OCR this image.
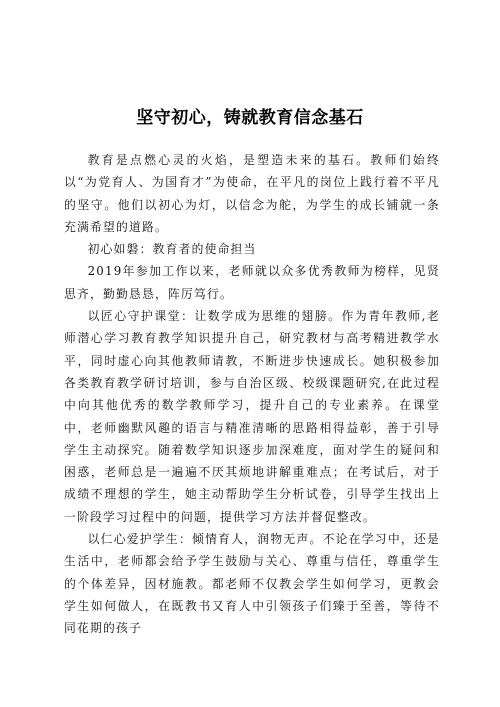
坚守初心，铸就教育信念基石

教育是点燃心灵的火焰，是塑造未来的基石。教师们始终以“为党育人、为国育才”为使命，在平凡的岗位上践行着不平凡的坚守。他们以初心为灯，以信念为舵，为学生的成长铺就一条充满希望的道路。

初心如磐：教育者的使命担当

2019年参加工作以来，老师就以众多优秀教师为榜样，见贤思齐，勤勤恳恳，阵厉笃行。

以匠心守护课堂：让数学成为思维的翅膀。作为青年教师,老师潜心学习教育教学知识提升自己，研究教材与高考精进教学水平，同时虚心向其他教师请教，不断进步快速成长。她积极参加各类教育教学研讨培训，参与自治区级、校级课题研究,在此过程中向其他优秀的数学教师学习，提升自己的专业素养。在课堂中，老师幽默风趣的语言与精准清晰的思路相得益彰，善于引导学生主动探究。随着数学知识逐步加深难度，面对学生的疑问和困惑，老师总是一遍遍不厌其烦地讲解重难点；在考试后，对于成绩不理想的学生，她主动帮助学生分析试卷，引导学生找出上一阶段学习过程中的问题，提供学习方法并督促整改。

以仁心爱护学生：倾情育人，润物无声。不论在学习中，还是生活中，老师都会给予学生鼓励与关心、尊重与信任，尊重学生的个体差异，因材施教。都老师不仅教会学生如何学习，更教会学生如何做人，在既教书又育人中引领孩子们臻于至善，等待不同花期的孩子
